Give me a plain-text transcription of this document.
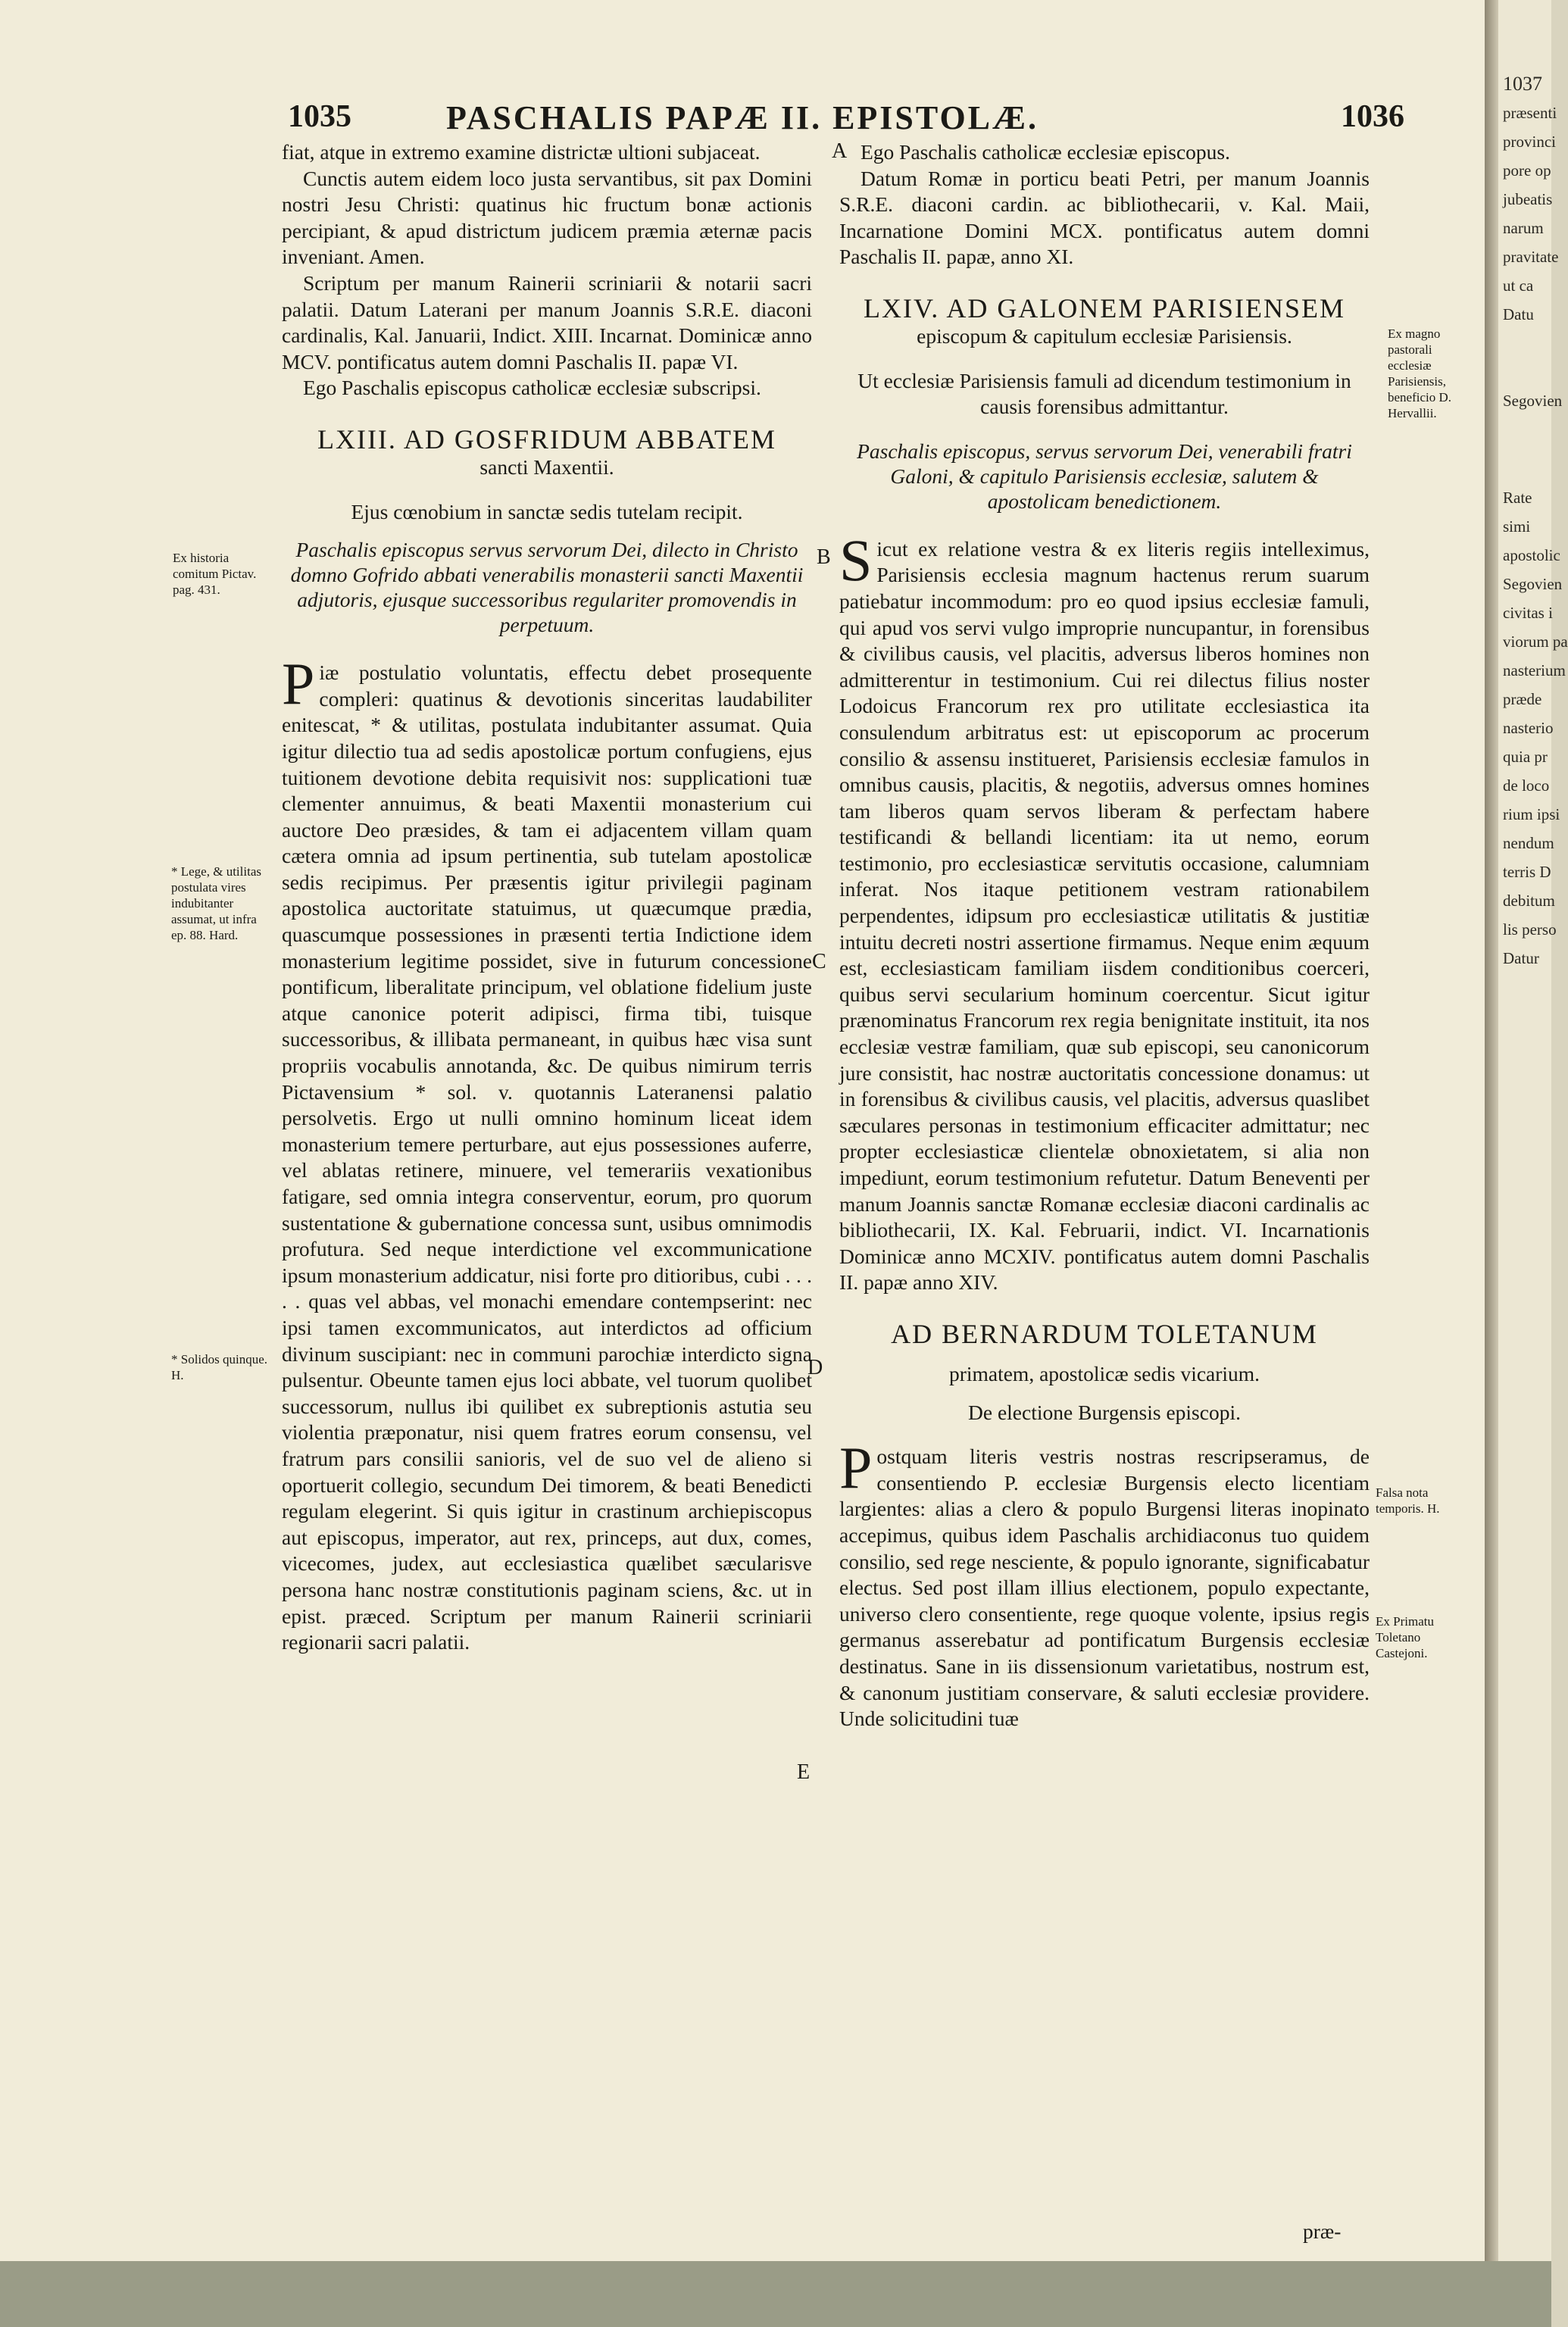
1035	PASCHALIS PAPÆ II. EPISTOLÆ.	1036

fiat, atque in extremo examine districtæ ultioni subjaceat.

Cunctis autem eidem loco justa servantibus, sit pax Domini nostri Jesu Christi: quatinus hic fructum bonæ actionis percipiant, & apud districtum judicem præmia æternæ pacis inveniant. Amen.

Scriptum per manum Rainerii scriniarii & notarii sacri palatii. Datum Laterani per manum Joannis S.R.E. diaconi cardinalis, Kal. Januarii, Indict. XIII. Incarnat. Dominicæ anno MCV. pontificatus autem domni Paschalis II. papæ VI.

Ego Paschalis episcopus catholicæ ecclesiæ subscripsi.

LXIII. AD GOSFRIDUM ABBATEM

sancti Maxentii.

Ejus cœnobium in sanctæ sedis tutelam recipit.

Paschalis episcopus servus servorum Dei, dilecto in Christo domno Gofrido abbati venerabilis monasterii sancti Maxentii adjutoris, ejusque successoribus regulariter promovendis in perpetuum.

Piæ postulatio voluntatis, effectu debet prosequente compleri: quatinus & devotionis sinceritas laudabiliter enitescat, * & utilitas, postulata indubitanter assumat. Quia igitur dilectio tua ad sedis apostolicæ portum confugiens, ejus tuitionem devotione debita requisivit nos: supplicationi tuæ clementer annuimus, & beati Maxentii monasterium cui auctore Deo præsides, & tam ei adjacentem villam quam cætera omnia ad ipsum pertinentia, sub tutelam apostolicæ sedis recipimus. Per præsentis igitur privilegii paginam apostolica auctoritate statuimus, ut quæcumque prædia, quascumque possessiones in præsenti tertia Indictione idem monasterium legitime possidet, sive in futurum concessione pontificum, liberalitate principum, vel oblatione fidelium juste atque canonice poterit adipisci, firma tibi, tuisque successoribus, & illibata permaneant, in quibus hæc visa sunt propriis vocabulis annotanda, &c. De quibus nimirum terris Pictavensium * sol. v. quotannis Lateranensi palatio persolvetis. Ergo ut nulli omnino hominum liceat idem monasterium temere perturbare, aut ejus possessiones auferre, vel ablatas retinere, minuere, vel temerariis vexationibus fatigare, sed omnia integra conserventur, eorum, pro quorum sustentatione & gubernatione concessa sunt, usibus omnimodis profutura. Sed neque interdictione vel excommunicatione ipsum monasterium addicatur, nisi forte pro ditioribus, cubi . . . . . quas vel abbas, vel monachi emendare contempserint: nec ipsi tamen excommunicatos, aut interdictos ad officium divinum suscipiant: nec in communi parochiæ interdicto signa pulsentur. Obeunte tamen ejus loci abbate, vel tuorum quolibet successorum, nullus ibi quilibet ex subreptionis astutia seu violentia præponatur, nisi quem fratres eorum consensu, vel fratrum pars consilii sanioris, vel de suo vel de alieno si oportuerit collegio, secundum Dei timorem, & beati Benedicti regulam elegerint. Si quis igitur in crastinum archiepiscopus aut episcopus, imperator, aut rex, princeps, aut dux, comes, vicecomes, judex, aut ecclesiastica quælibet sæcularisve persona hanc nostræ constitutionis paginam sciens, &c. ut in epist. præced. Scriptum per manum Rainerii scriniarii regionarii sacri palatii.

Ego Paschalis catholicæ ecclesiæ episcopus.

Datum Romæ in porticu beati Petri, per manum Joannis S.R.E. diaconi cardin. ac bibliothecarii, v. Kal. Maii, Incarnatione Domini MCX. pontificatus autem domni Paschalis II. papæ, anno XI.

LXIV. AD GALONEM PARISIENSEM

episcopum & capitulum ecclesiæ Parisiensis.

Ut ecclesiæ Parisiensis famuli ad dicendum testimonium in causis forensibus admittantur.

Paschalis episcopus, servus servorum Dei, venerabili fratri Galoni, & capitulo Parisiensis ecclesiæ, salutem & apostolicam benedictionem.

Sicut ex relatione vestra & ex literis regiis intelleximus, Parisiensis ecclesia magnum hactenus rerum suarum patiebatur incommodum: pro eo quod ipsius ecclesiæ famuli, qui apud vos servi vulgo improprie nuncupantur, in forensibus & civilibus causis, vel placitis, adversus liberos homines non admitterentur in testimonium. Cui rei dilectus filius noster Lodoicus Francorum rex pro utilitate ecclesiastica ita consulendum arbitratus est: ut episcoporum ac procerum consilio & assensu institueret, Parisiensis ecclesiæ famulos in omnibus causis, placitis, & negotiis, adversus omnes homines tam liberos quam servos liberam & perfectam habere testificandi & bellandi licentiam: ita ut nemo, eorum testimonio, pro ecclesiasticæ servitutis occasione, calumniam inferat. Nos itaque petitionem vestram rationabilem perpendentes, idipsum pro ecclesiasticæ utilitatis & justitiæ intuitu decreti nostri assertione firmamus. Neque enim æquum est, ecclesiasticam familiam iisdem conditionibus coerceri, quibus servi secularium hominum coercentur. Sicut igitur prænominatus Francorum rex regia benignitate instituit, ita nos ecclesiæ vestræ familiam, quæ sub episcopi, seu canonicorum jure consistit, hac nostræ auctoritatis concessione donamus: ut in forensibus & civilibus causis, vel placitis, adversus quaslibet sæculares personas in testimonium efficaciter admittatur; nec propter ecclesiasticæ clientelæ obnoxietatem, si alia non impediunt, eorum testimonium refutetur. Datum Beneventi per manum Joannis sanctæ Romanæ ecclesiæ diaconi cardinalis ac bibliothecarii, IX. Kal. Februarii, indict. VI. Incarnationis Dominicæ anno MCXIV. pontificatus autem domni Paschalis II. papæ anno XIV.

AD BERNARDUM TOLETANUM

primatem, apostolicæ sedis vicarium.

De electione Burgensis episcopi.

Postquam literis vestris nostras rescripseramus, de consentiendo P. ecclesiæ Burgensis electo licentiam largientes: alias a clero & populo Burgensi literas inopinato accepimus, quibus idem Paschalis archidiaconus tuo quidem consilio, sed rege nesciente, & populo ignorante, significabatur electus. Sed post illam illius electionem, populo expectante, universo clero consentiente, rege quoque volente, ipsius regis germanus asserebatur ad pontificatum Burgensis ecclesiæ destinatus. Sane in iis dissensionum varietatibus, nostrum est, & canonum justitiam conservare, & saluti ecclesiæ providere. Unde solicitudini tuæ

præ-
Ex historia comitum Pictav. pag. 431.
* Lege, & utilitas postulata vires indubitanter assumat, ut infra ep. 88. Hard.
* Solidos quinque. H.
Ex magno pastorali ecclesiæ Parisiensis, beneficio D. Hervallii.
Falsa nota temporis. H.
Ex Primatu Toletano Castejoni.
A
B
C
D
E
1037
præsenti
provinci
pore op
jubeatis
narum
pravitate
ut ca
Datu
Segovien
Rate
simi
apostolic
Segovien
civitas i
viorum pa
nasterium
præde
nasterio
quia pr
de loco
rium ipsi
nendum
terris D
debitum
lis perso
Datur
